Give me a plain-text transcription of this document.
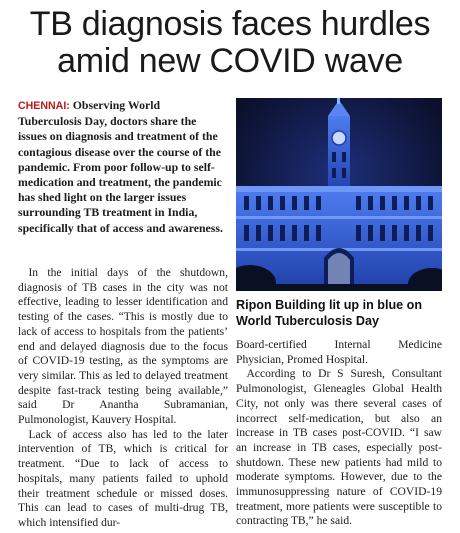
TB diagnosis faces hurdles
amid new COVID wave
CHENNAI: Observing World Tuberculosis Day, doctors share the issues on diagnosis and treatment of the contagious disease over the course of the pandemic. From poor follow-up to self-medication and treatment, the pandemic has shed light on the larger issues surrounding TB treatment in India, specifically that of access and awareness.
Ripon Building lit up in blue on World Tuberculosis Day

In the initial days of the shutdown, diagnosis of TB cases in the city was not effective, leading to lesser identification and testing of the cases. “This is mostly due to lack of access to hospitals from the patients’ end and delayed diagnosis due to the focus of COVID-19 testing, as the symptoms are very similar. This as led to delayed treatment despite fast-track testing being available,” said Dr Anantha Subramanian, Pulmonologist, Kauvery Hospital.

Lack of access also has led to the later intervention of TB, which is critical for treatment. “Due to lack of access to hospitals, many patients failed to uphold their treatment schedule or missed doses. This can lead to cases of multi-drug TB, which intensified dur-

Board-certified Internal Medicine Physician, Promed Hospital.

According to Dr S Suresh, Consultant Pulmonologist, Gleneagles Global Health City, not only was there several cases of incorrect self-medication, but also an increase in TB cases post-COVID. “I saw an increase in TB cases, especially post-shutdown. These new patients had mild to moderate symptoms. However, due to the immunosuppressing nature of COVID-19 treatment, more patients were susceptible to contracting TB,” he said.
